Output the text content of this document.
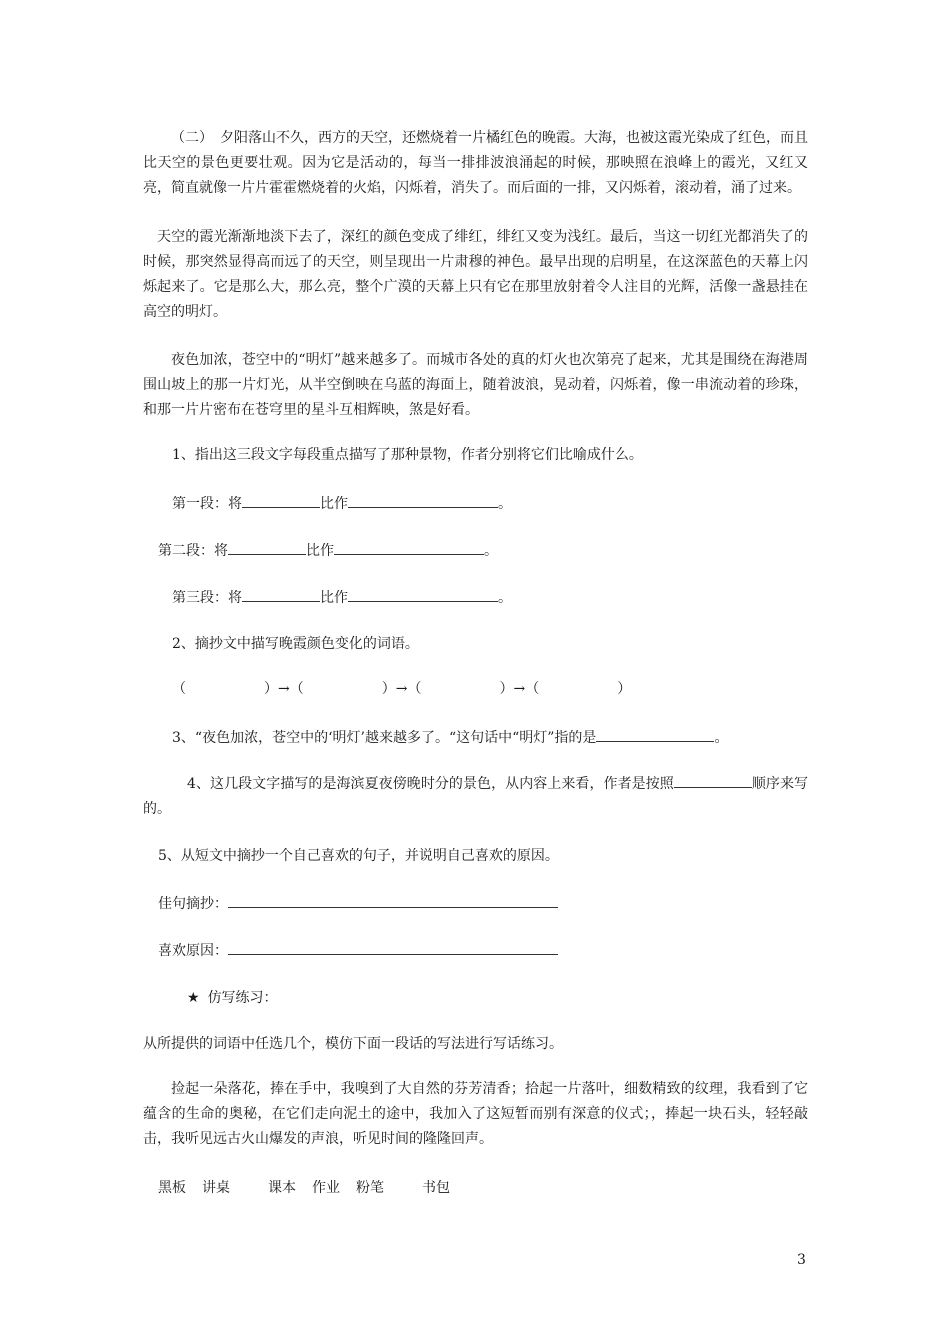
（二）　夕阳落山不久，西方的天空，还燃烧着一片橘红色的晚霞。大海，也被这霞光染成了红色，而且比天空的景色更要壮观。因为它是活动的，每当一排排波浪涌起的时候，那映照在浪峰上的霞光，又红又亮，简直就像一片片霍霍燃烧着的火焰，闪烁着，消失了。而后面的一排，又闪烁着，滚动着，涌了过来。

天空的霞光渐渐地淡下去了，深红的颜色变成了绯红，绯红又变为浅红。最后，当这一切红光都消失了的时候，那突然显得高而远了的天空，则呈现出一片肃穆的神色。最早出现的启明星，在这深蓝色的天幕上闪烁起来了。它是那么大，那么亮，整个广漠的天幕上只有它在那里放射着令人注目的光辉，活像一盏悬挂在高空的明灯。

夜色加浓，苍空中的“明灯”越来越多了。而城市各处的真的灯火也次第亮了起来，尤其是围绕在海港周围山坡上的那一片灯光，从半空倒映在乌蓝的海面上，随着波浪，晃动着，闪烁着，像一串流动着的珍珠，和那一片片密布在苍穹里的星斗互相辉映，煞是好看。

1、指出这三段文字每段重点描写了那种景物，作者分别将它们比喻成什么。

第一段：将	比作	。

第二段：将	比作	。

第三段：将	比作	。

2、摘抄文中描写晚霞颜色变化的词语。

（	）→（	）→（	）→（	）

3、“夜色加浓，苍空中的‘明灯’越来越多了。“这句话中“明灯”指的是	。

4、这几段文字描写的是海滨夏夜傍晚时分的景色，从内容上来看，作者是按照	顺序来写的。

5、从短文中摘抄一个自己喜欢的句子，并说明自己喜欢的原因。

佳句摘抄：

喜欢原因：

★ 仿写练习：

从所提供的词语中任选几个，模仿下面一段话的写法进行写话练习。

捡起一朵落花，捧在手中，我嗅到了大自然的芬芳清香；拾起一片落叶，细数精致的纹理，我看到了它蕴含的生命的奥秘，在它们走向泥土的途中，我加入了这短暂而别有深意的仪式；，捧起一块石头，轻轻敲击，我听见远古火山爆发的声浪，听见时间的隆隆回声。

黑板 讲桌	课本 作业 粉笔	书包

3
